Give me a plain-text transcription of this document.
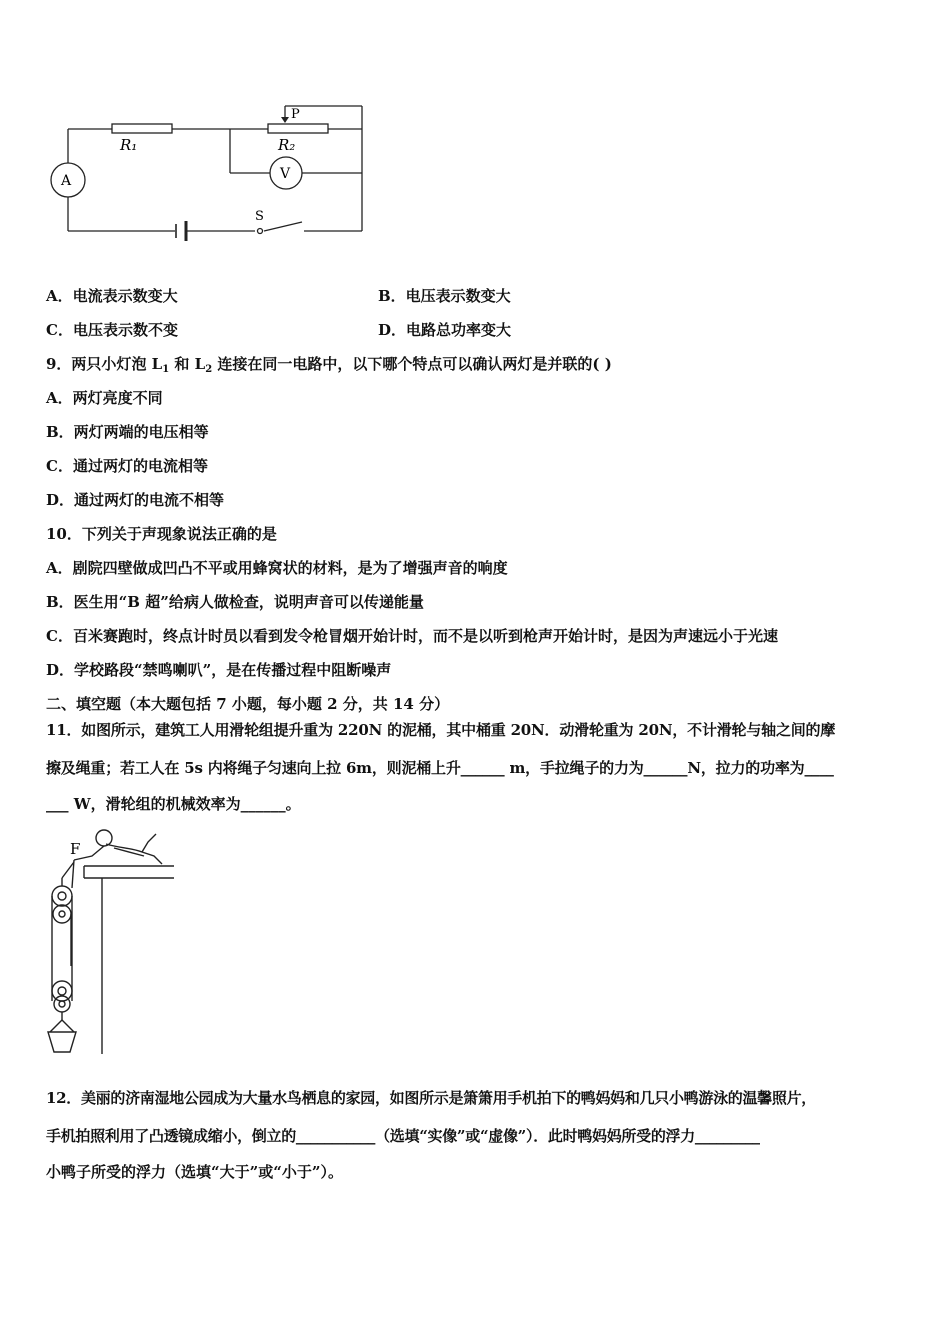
P
R₁	R₂
V
A
S
A．电流表示数变大	B．电压表示数变大
C．电压表示数不变	D．电路总功率变大
9．两只小灯泡 $L_1$ 和 $L_2$ 连接在同一电路中，以下哪个特点可以确认两灯是并联的( )
A．两灯亮度不同
B．两灯两端的电压相等
C．通过两灯的电流相等
D．通过两灯的电流不相等
10．下列关于声现象说法正确的是
A．剧院四壁做成凹凸不平或用蜂窝状的材料，是为了增强声音的响度
B．医生用“B 超”给病人做检查，说明声音可以传递能量
C．百米赛跑时，终点计时员以看到发令枪冒烟开始计时，而不是以听到枪声开始计时，是因为声速远小于光速
D．学校路段“禁鸣喇叭”，是在传播过程中阻断噪声
二、填空题（本大题包括 7 小题，每小题 2 分，共 14 分）
11．如图所示，建筑工人用滑轮组提升重为 220N 的泥桶，其中桶重 20N．动滑轮重为 20N，不计滑轮与轴之间的摩
擦及绳重；若工人在 5s 内将绳子匀速向上拉 6m，则泥桶上升______ m，手拉绳子的力为______N，拉力的功率为____
___ W，滑轮组的机械效率为______。
F
12．美丽的济南湿地公园成为大量水鸟栖息的家园，如图所示是箫箫用手机拍下的鸭妈妈和几只小鸭游泳的温馨照片，
手机拍照利用了凸透镜成缩小，倒立的___________（选填“实像”或“虚像”）．此时鸭妈妈所受的浮力_________
小鸭子所受的浮力（选填“大于”或“小于”）。
